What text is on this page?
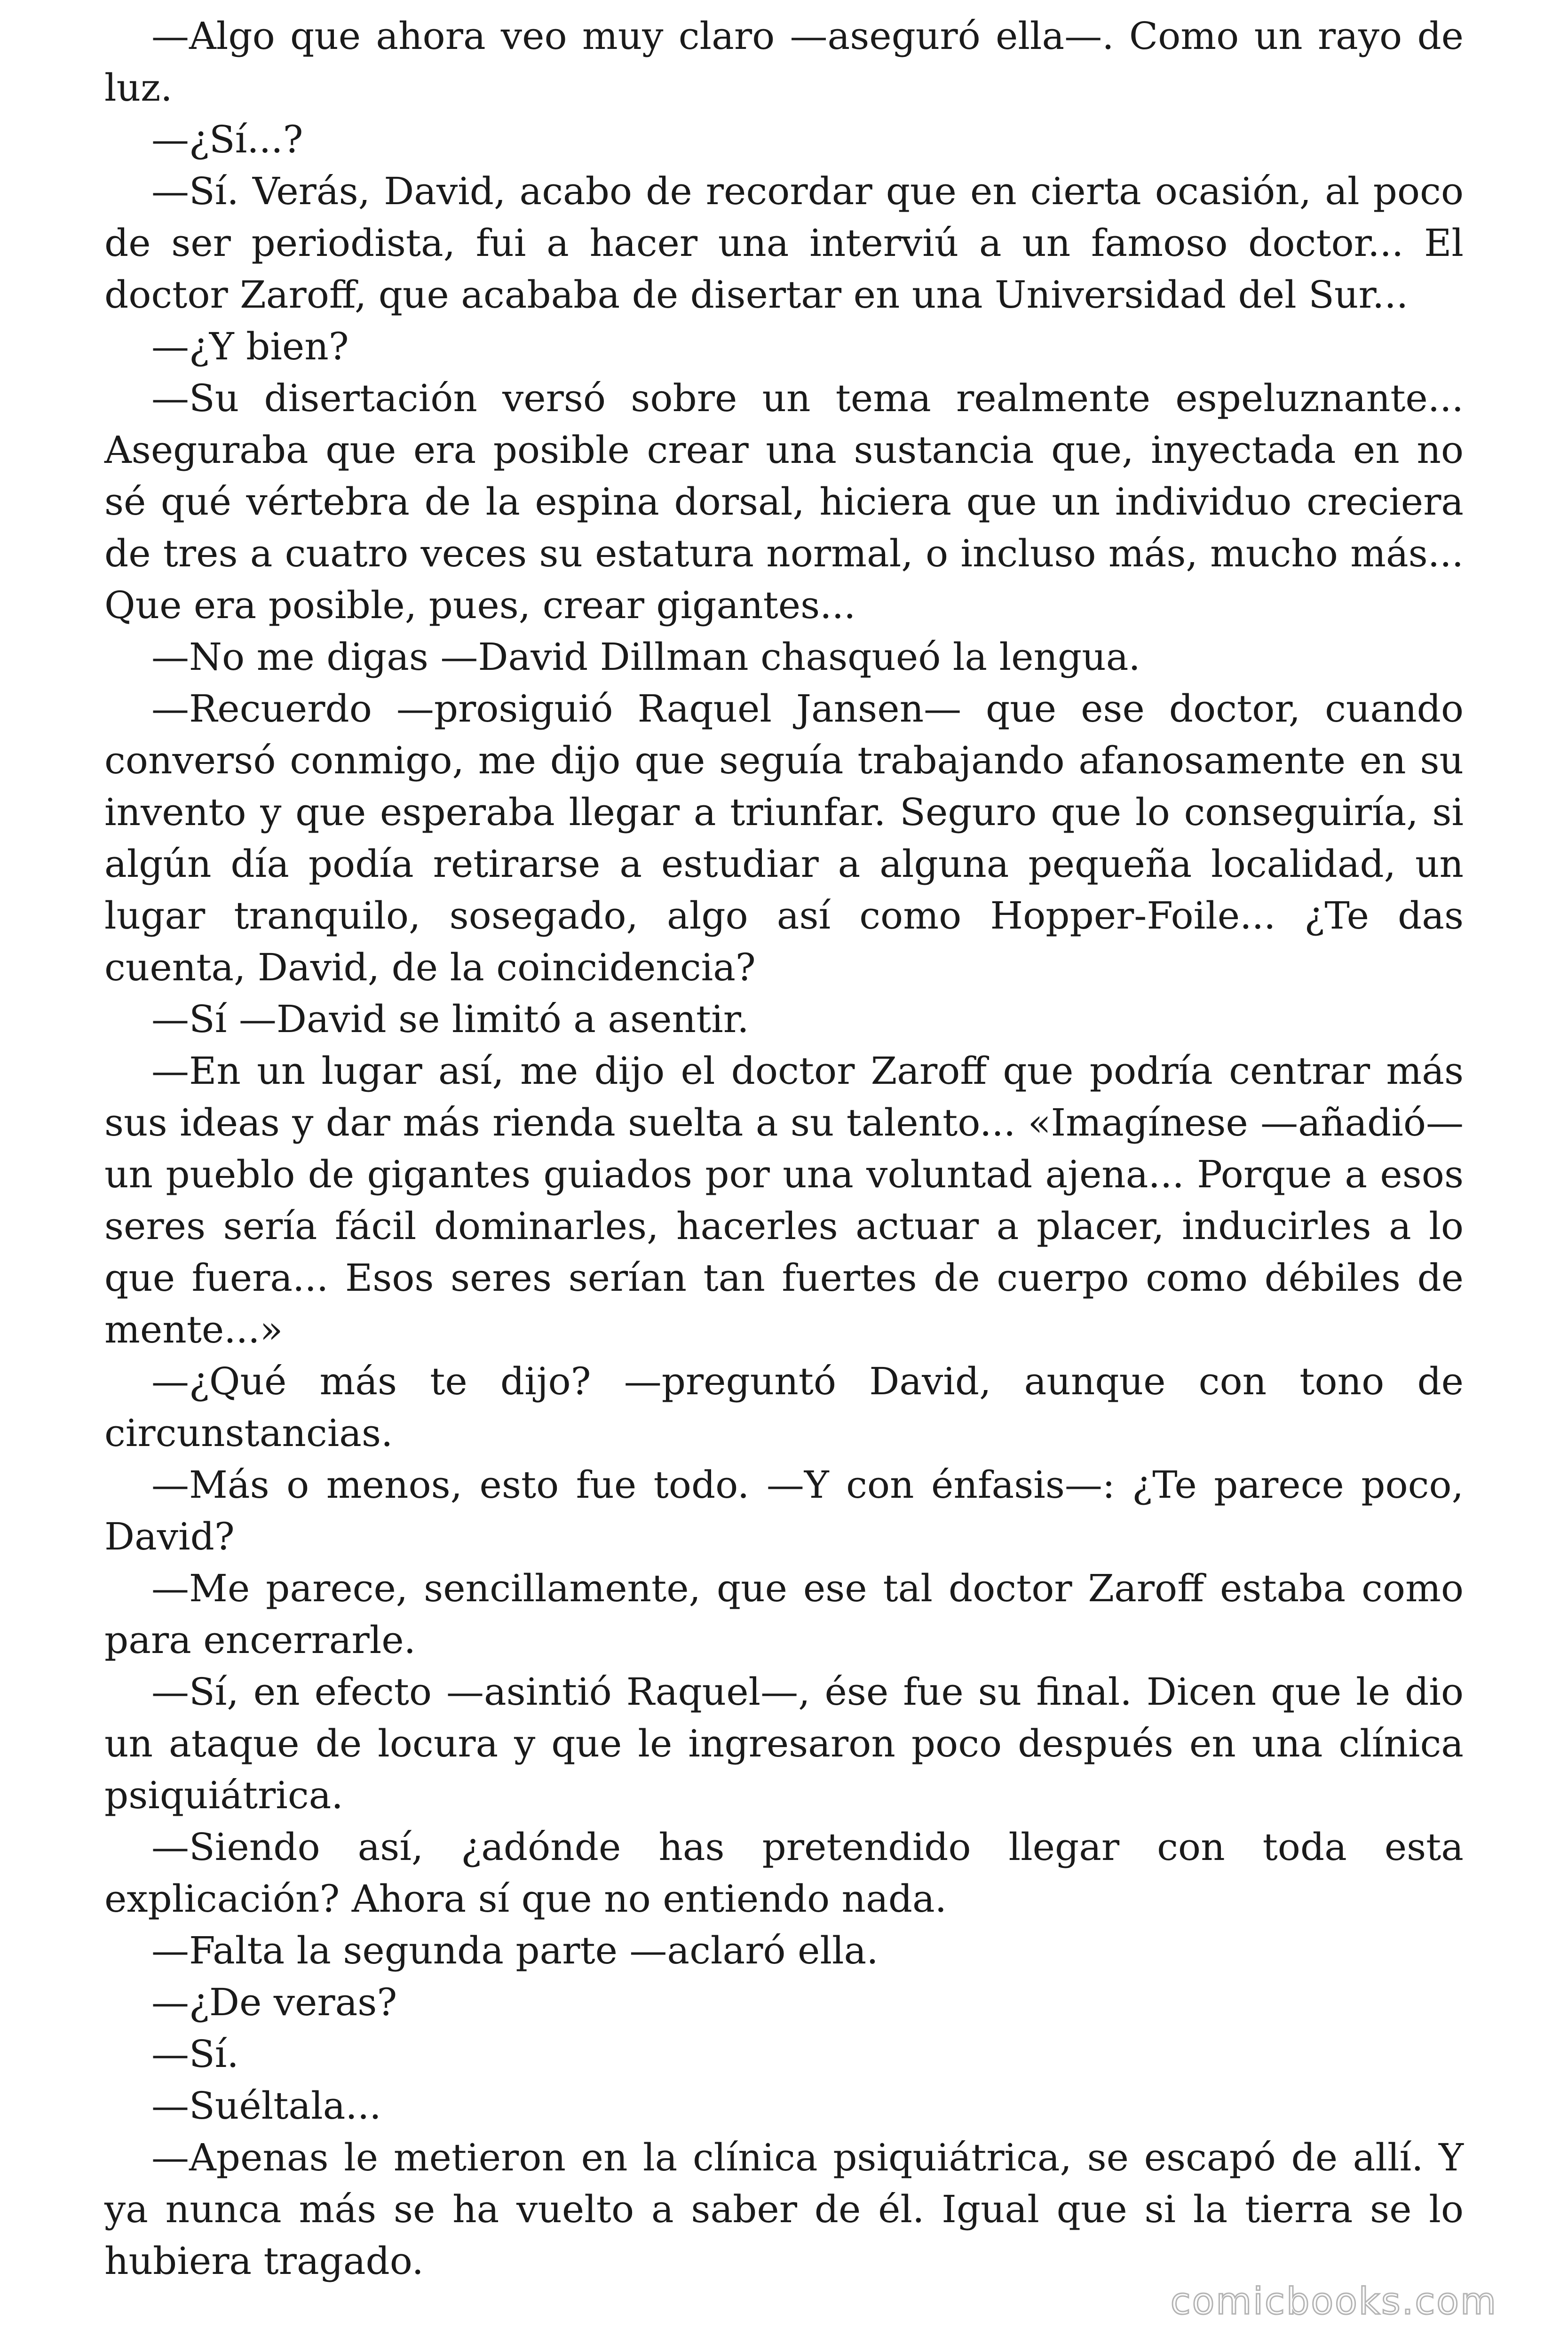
—Algo que ahora veo muy claro —aseguró ella—. Como un rayo de luz.

—¿Sí...?

—Sí. Verás, David, acabo de recordar que en cierta ocasión, al poco de ser periodista, fui a hacer una interviú a un famoso doctor... El doctor Zaroff, que acababa de disertar en una Universidad del Sur...

—¿Y bien?

—Su disertación versó sobre un tema realmente espeluznante... Aseguraba que era posible crear una sustancia que, inyectada en no sé qué vértebra de la espina dorsal, hiciera que un individuo creciera de tres a cuatro veces su estatura normal, o incluso más, mucho más... Que era posible, pues, crear gigantes...

—No me digas —David Dillman chasqueó la lengua.

—Recuerdo —prosiguió Raquel Jansen— que ese doctor, cuando conversó conmigo, me dijo que seguía trabajando afanosamente en su invento y que esperaba llegar a triunfar. Seguro que lo conseguiría, si algún día podía retirarse a estudiar a alguna pequeña localidad, un lugar tranquilo, sosegado, algo así como Hopper-Foile... ¿Te das cuenta, David, de la coincidencia?

—Sí —David se limitó a asentir.

—En un lugar así, me dijo el doctor Zaroff que podría centrar más sus ideas y dar más rienda suelta a su talento... «Imagínese —añadió— un pueblo de gigantes guiados por una voluntad ajena... Porque a esos seres sería fácil dominarles, hacerles actuar a placer, inducirles a lo que fuera... Esos seres serían tan fuertes de cuerpo como débiles de mente...»

—¿Qué más te dijo? —preguntó David, aunque con tono de circunstancias.

—Más o menos, esto fue todo. —Y con énfasis—: ¿Te parece poco, David?

—Me parece, sencillamente, que ese tal doctor Zaroff estaba como para encerrarle.

—Sí, en efecto —asintió Raquel—, ése fue su final. Dicen que le dio un ataque de locura y que le ingresaron poco después en una clínica psiquiátrica.

—Siendo así, ¿adónde has pretendido llegar con toda esta explicación? Ahora sí que no entiendo nada.

—Falta la segunda parte —aclaró ella.

—¿De veras?

—Sí.

—Suéltala...

—Apenas le metieron en la clínica psiquiátrica, se escapó de allí. Y ya nunca más se ha vuelto a saber de él. Igual que si la tierra se lo hubiera tragado.

comicbooks.com
